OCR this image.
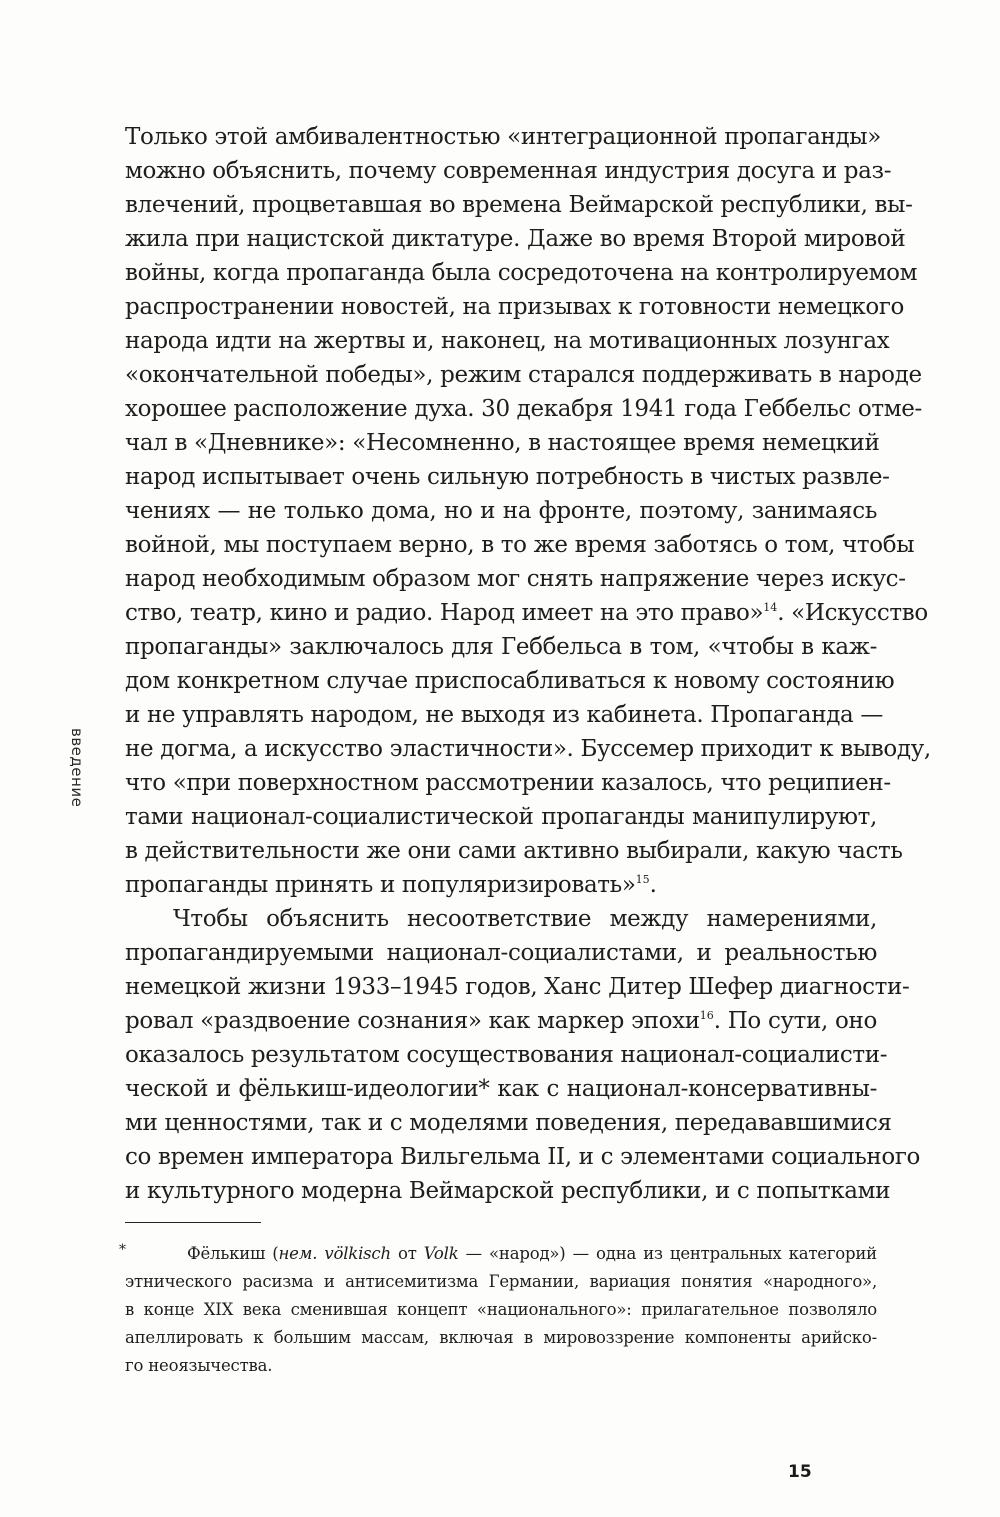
введение
Только этой амбивалентностью «интеграционной пропаганды»
можно объяснить, почему современная индустрия досуга и раз-
влечений, процветавшая во времена Веймарской республики, вы-
жила при нацистской диктатуре. Даже во время Второй мировой
войны, когда пропаганда была сосредоточена на контролируемом
распространении новостей, на призывах к готовности немецкого
народа идти на жертвы и, наконец, на мотивационных лозунгах
«окончательной победы», режим старался поддерживать в народе
хорошее расположение духа. 30 декабря 1941 года Геббельс отме-
чал в «Дневнике»: «Несомненно, в настоящее время немецкий
народ испытывает очень сильную потребность в чистых развле-
чениях — не только дома, но и на фронте, поэтому, занимаясь
войной, мы поступаем верно, в то же время заботясь о том, чтобы
народ необходимым образом мог снять напряжение через искус-
ство, театр, кино и радио. Народ имеет на это право»$^{14}$. «Искусство
пропаганды» заключалось для Геббельса в том, «чтобы в каж-
дом конкретном случае приспосабливаться к новому состоянию
и не управлять народом, не выходя из кабинета. Пропаганда —
не догма, а искусство эластичности». Буссемер приходит к выводу,
что «при поверхностном рассмотрении казалось, что реципиен-
тами национал-социалистической пропаганды манипулируют,
в действительности же они сами активно выбирали, какую часть
пропаганды принять и популяризировать»$^{15}$.
Чтобы объяснить несоответствие между намерениями,
пропагандируемыми национал-социалистами, и реальностью
немецкой жизни 1933–1945 годов, Ханс Дитер Шефер диагности-
ровал «раздвоение сознания» как маркер эпохи$^{16}$. По сути, оно
оказалось результатом сосуществования национал-социалисти-
ческой и фёлькиш-идеологии* как с национал-консервативны-
ми ценностями, так и с моделями поведения, передававшимися
со времен императора Вильгельма II, и с элементами социального
и культурного модерна Веймарской республики, и с попытками
*	Фёлькиш (нем. völkisch от Volk — «народ») — одна из центральных категорий
этнического расизма и антисемитизма Германии, вариация понятия «народного»,
в конце XIX века сменившая концепт «национального»: прилагательное позволяло
апеллировать к большим массам, включая в мировоззрение компоненты арийско-
го неоязычества.
15
